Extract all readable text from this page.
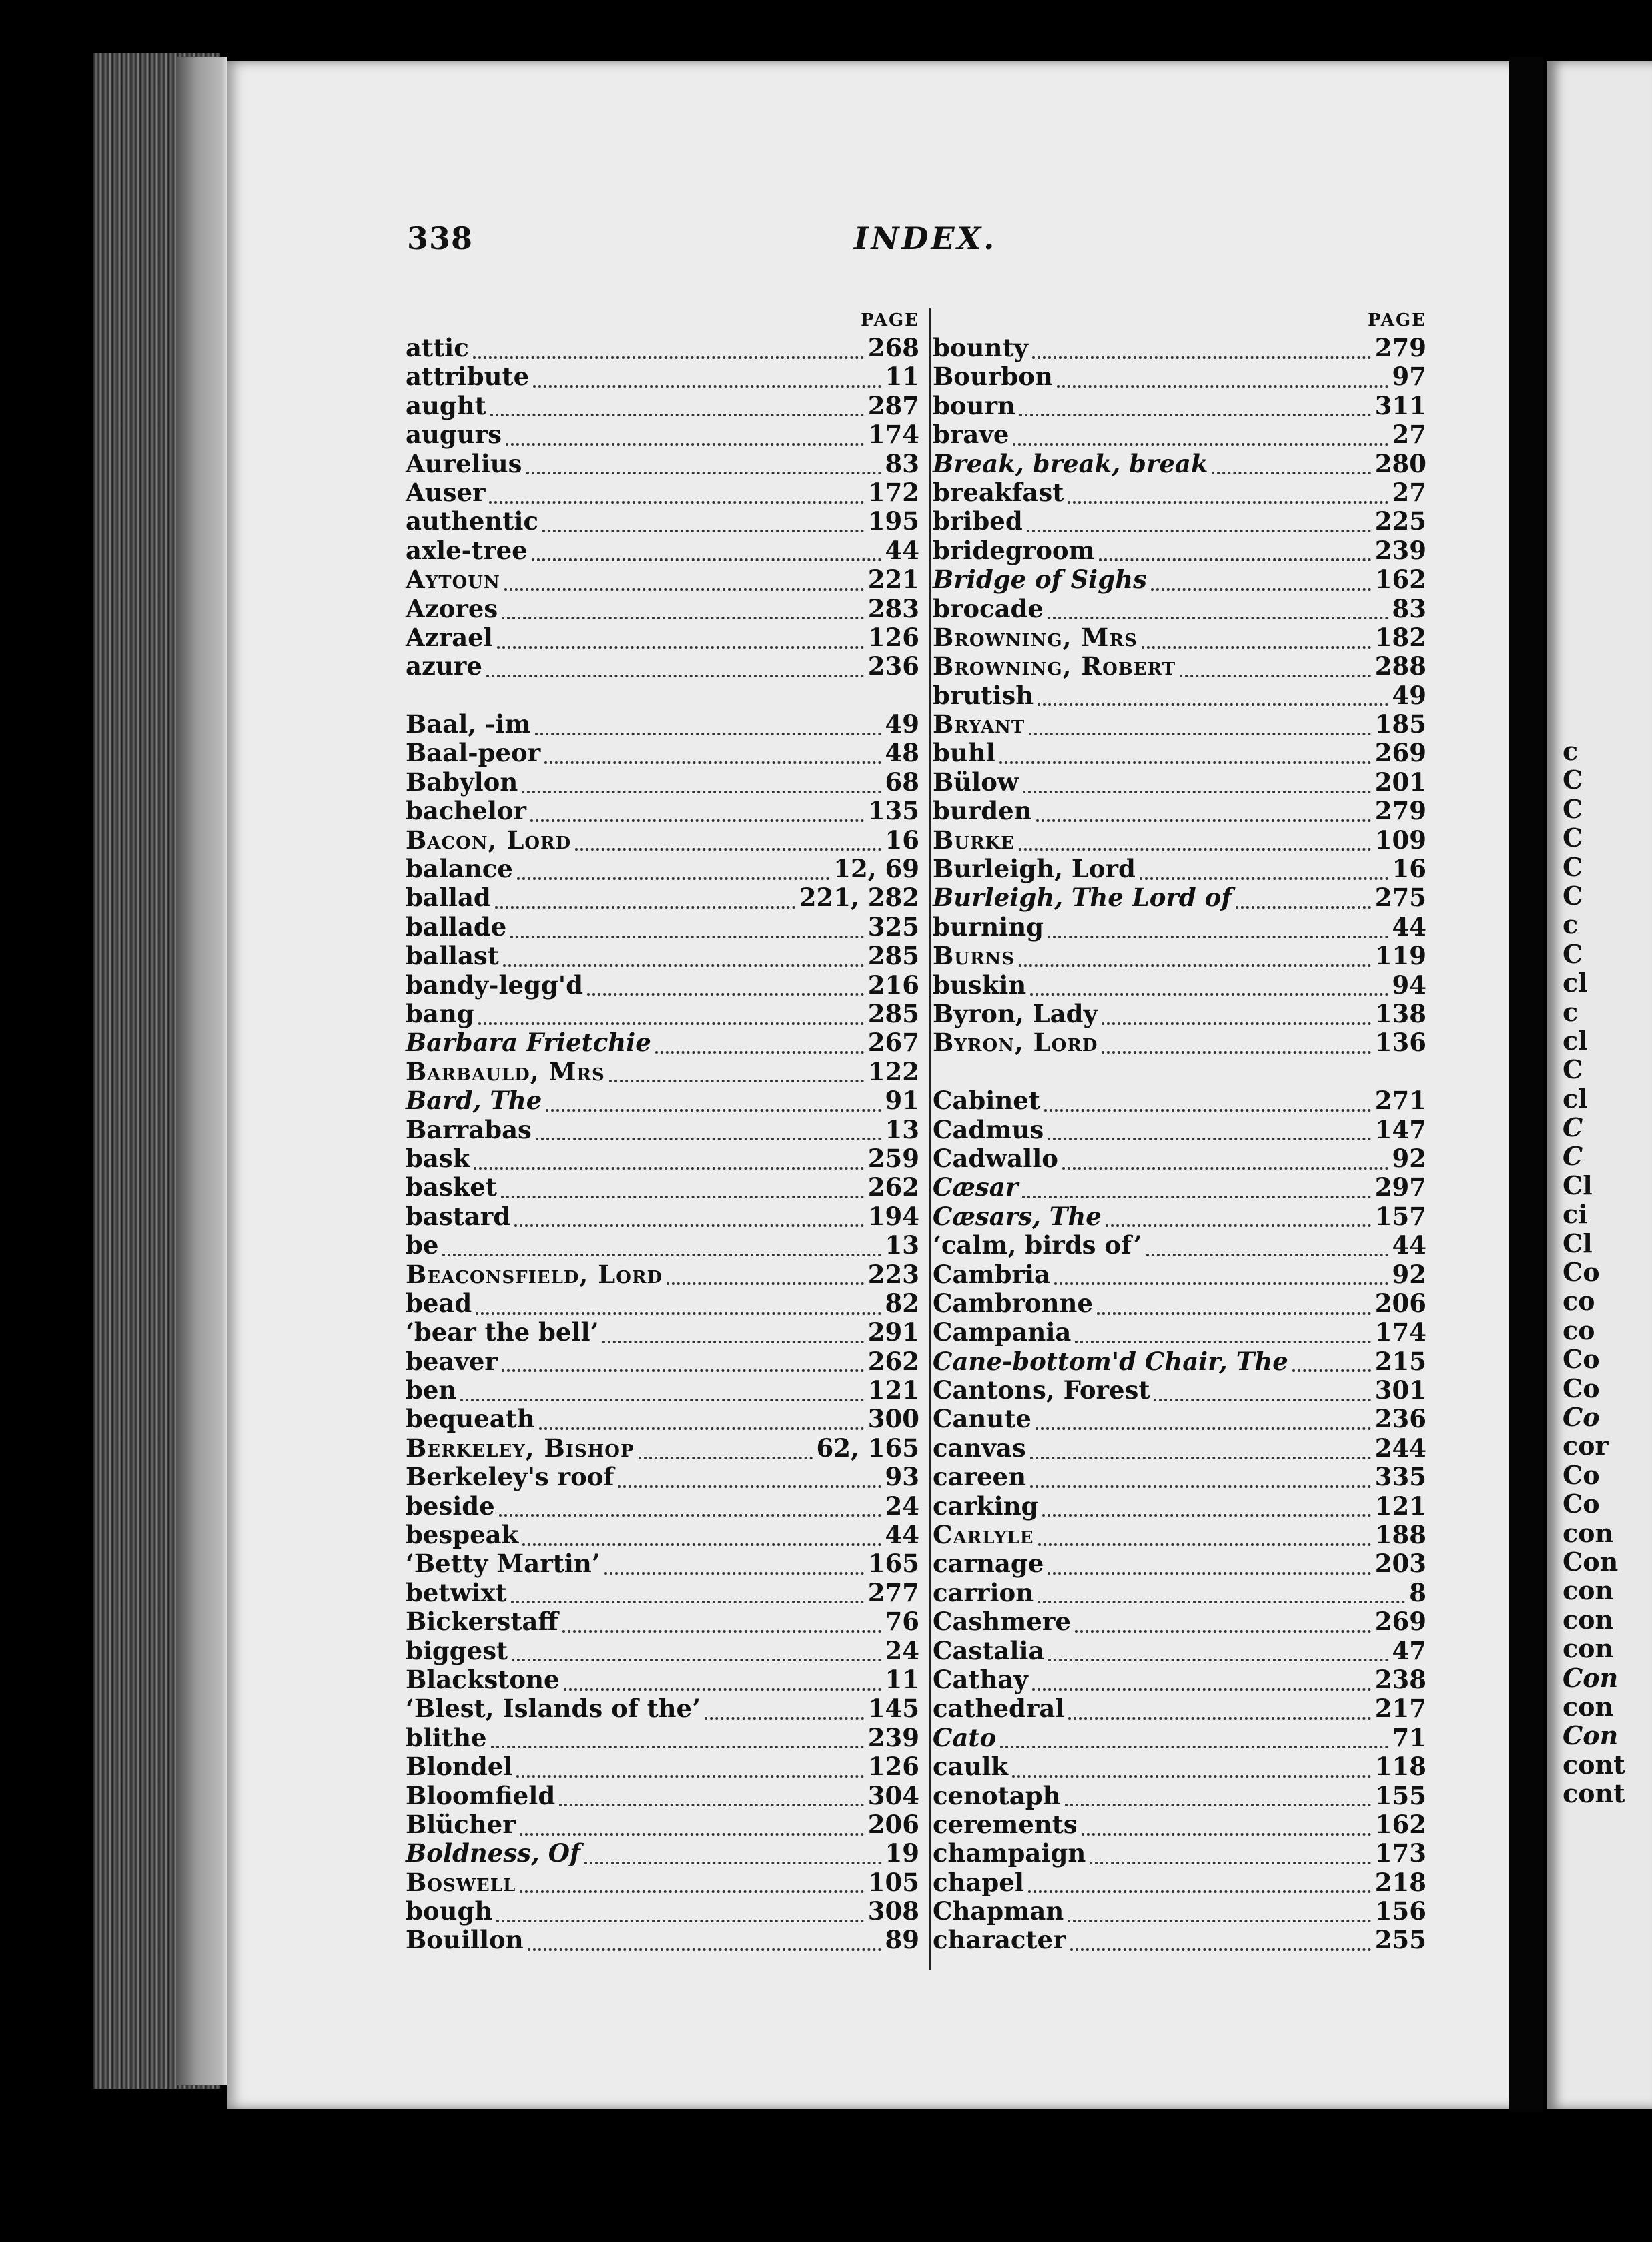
c
C
C
C
C
C
c
C
cl
c
cl
C
cl
C
C
Cl
ci
Cl
Co
co
co
Co
Co
Co
cor
Co
Co
con
Con
con
con
con
Con
con
Con
cont
cont
338	INDEX.
PAGE
attic	268
attribute	11
aught	287
augurs	174
Aurelius	83
Auser	172
authentic	195
axle-tree	44
Aytoun	221
Azores	283
Azrael	126
azure	236
Baal, -im	49
Baal-peor	48
Babylon	68
bachelor	135
Bacon, Lord	16
balance	12, 69
ballad	221, 282
ballade	325
ballast	285
bandy-legg'd	216
bang	285
Barbara Frietchie	267
Barbauld, Mrs	122
Bard, The	91
Barrabas	13
bask	259
basket	262
bastard	194
be	13
Beaconsfield, Lord	223
bead	82
‘bear the bell’	291
beaver	262
ben	121
bequeath	300
Berkeley, Bishop	62, 165
Berkeley's roof	93
beside	24
bespeak	44
‘Betty Martin’	165
betwixt	277
Bickerstaff	76
biggest	24
Blackstone	11
‘Blest, Islands of the’	145
blithe	239
Blondel	126
Bloomfield	304
Blücher	206
Boldness, Of	19
Boswell	105
bough	308
Bouillon	89
PAGE
bounty	279
Bourbon	97
bourn	311
brave	27
Break, break, break	280
breakfast	27
bribed	225
bridegroom	239
Bridge of Sighs	162
brocade	83
Browning, Mrs	182
Browning, Robert	288
brutish	49
Bryant	185
buhl	269
Bülow	201
burden	279
Burke	109
Burleigh, Lord	16
Burleigh, The Lord of	275
burning	44
Burns	119
buskin	94
Byron, Lady	138
Byron, Lord	136
Cabinet	271
Cadmus	147
Cadwallo	92
Cæsar	297
Cæsars, The	157
‘calm, birds of’	44
Cambria	92
Cambronne	206
Campania	174
Cane-bottom'd Chair, The	215
Cantons, Forest	301
Canute	236
canvas	244
careen	335
carking	121
Carlyle	188
carnage	203
carrion	8
Cashmere	269
Castalia	47
Cathay	238
cathedral	217
Cato	71
caulk	118
cenotaph	155
cerements	162
champaign	173
chapel	218
Chapman	156
character	255
